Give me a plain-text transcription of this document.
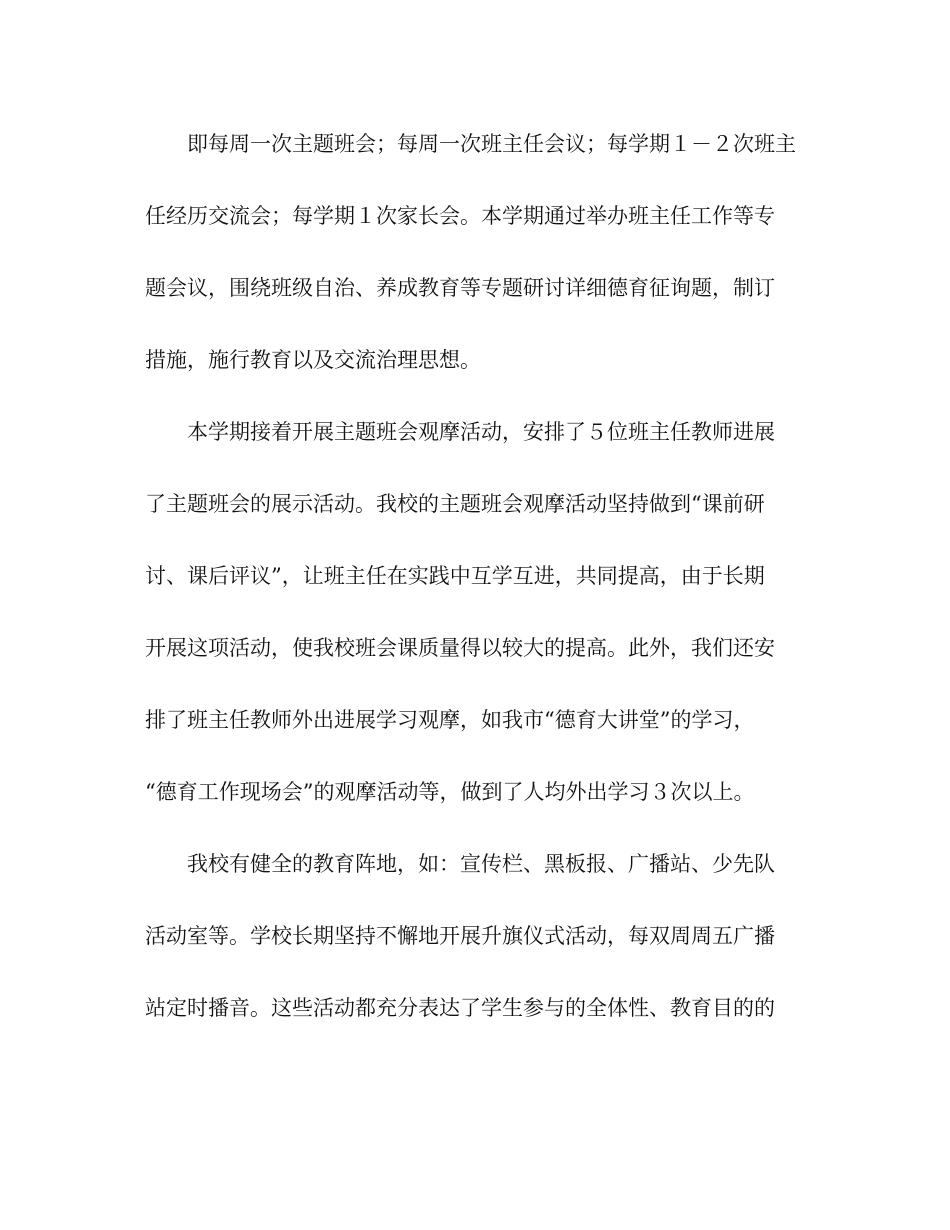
　　即每周一次主题班会；每周一次班主任会议；每学期１－２次班主
任经历交流会；每学期１次家长会。本学期通过举办班主任工作等专
题会议，围绕班级自治、养成教育等专题研讨详细德育征询题，制订
措施，施行教育以及交流治理思想。
　　本学期接着开展主题班会观摩活动，安排了５位班主任教师进展
了主题班会的展示活动。我校的主题班会观摩活动坚持做到“课前研
讨、课后评议”，让班主任在实践中互学互进，共同提高，由于长期
开展这项活动，使我校班会课质量得以较大的提高。此外，我们还安
排了班主任教师外出进展学习观摩，如我市“德育大讲堂”的学习，
“德育工作现场会”的观摩活动等，做到了人均外出学习３次以上。
　　我校有健全的教育阵地，如：宣传栏、黑板报、广播站、少先队
活动室等。学校长期坚持不懈地开展升旗仪式活动，每双周周五广播
站定时播音。这些活动都充分表达了学生参与的全体性、教育目的的
